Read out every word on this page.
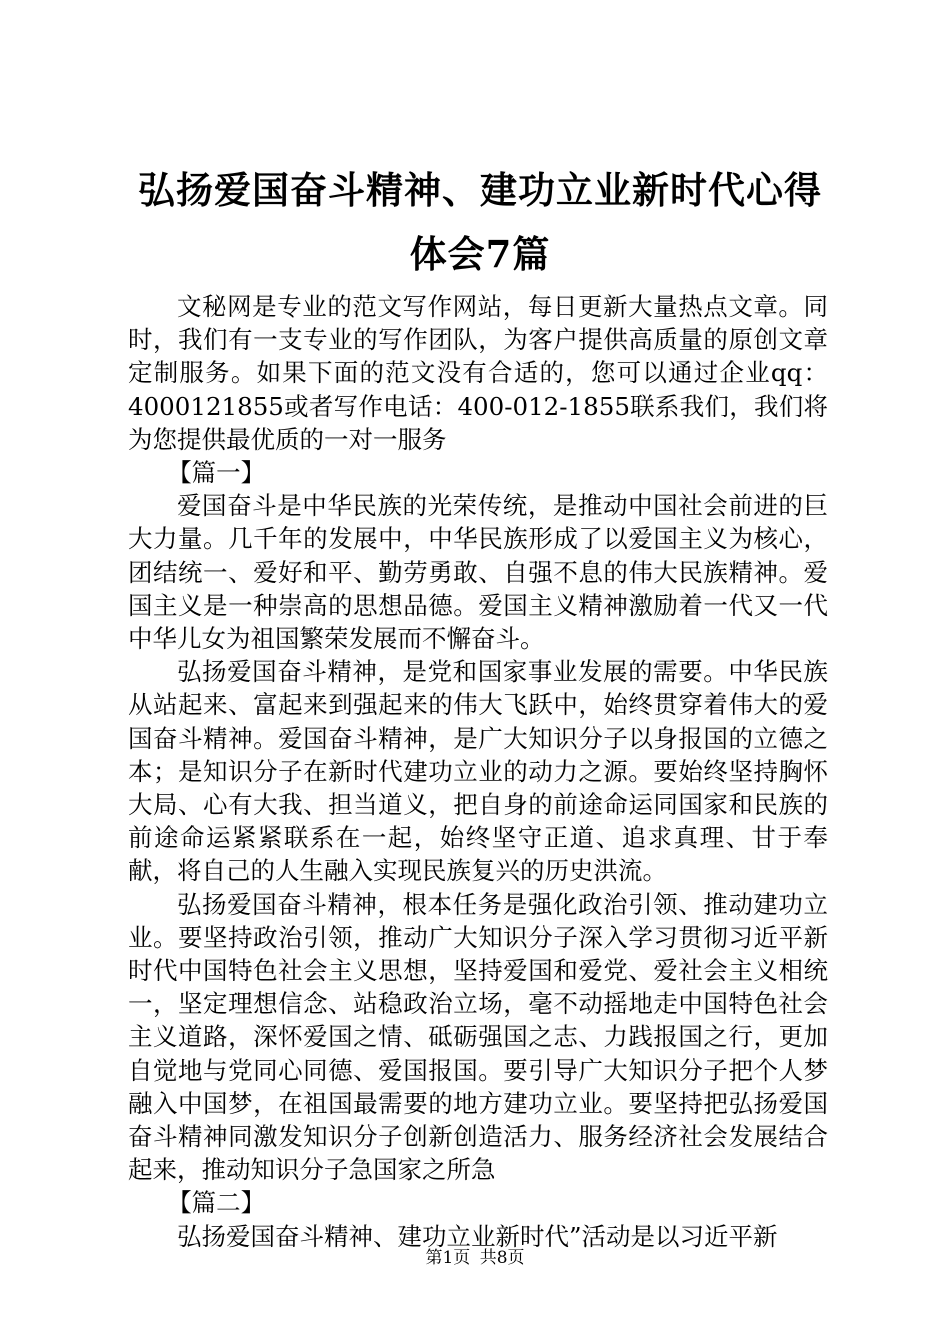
弘扬爱国奋斗精神、建功立业新时代心得体会7篇

文秘网是专业的范文写作网站，每日更新大量热点文章。同时，我们有一支专业的写作团队，为客户提供高质量的原创文章定制服务。如果下面的范文没有合适的，您可以通过企业qq：4000121855或者写作电话：400-012-1855联系我们，我们将为您提供最优质的一对一服务

【篇一】

爱国奋斗是中华民族的光荣传统，是推动中国社会前进的巨大力量。几千年的发展中，中华民族形成了以爱国主义为核心，团结统一、爱好和平、勤劳勇敢、自强不息的伟大民族精神。爱国主义是一种崇高的思想品德。爱国主义精神激励着一代又一代中华儿女为祖国繁荣发展而不懈奋斗。

弘扬爱国奋斗精神，是党和国家事业发展的需要。中华民族从站起来、富起来到强起来的伟大飞跃中，始终贯穿着伟大的爱国奋斗精神。爱国奋斗精神，是广大知识分子以身报国的立德之本；是知识分子在新时代建功立业的动力之源。要始终坚持胸怀大局、心有大我、担当道义，把自身的前途命运同国家和民族的前途命运紧紧联系在一起，始终坚守正道、追求真理、甘于奉献，将自己的人生融入实现民族复兴的历史洪流。

弘扬爱国奋斗精神，根本任务是强化政治引领、推动建功立业。要坚持政治引领，推动广大知识分子深入学习贯彻习近平新时代中国特色社会主义思想，坚持爱国和爱党、爱社会主义相统一，坚定理想信念、站稳政治立场，毫不动摇地走中国特色社会主义道路，深怀爱国之情、砥砺强国之志、力践报国之行，更加自觉地与党同心同德、爱国报国。要引导广大知识分子把个人梦融入中国梦，在祖国最需要的地方建功立业。要坚持把弘扬爱国奋斗精神同激发知识分子创新创造活力、服务经济社会发展结合起来，推动知识分子急国家之所急

【篇二】

弘扬爱国奋斗精神、建功立业新时代”活动是以习近平新

第1页 共8页
